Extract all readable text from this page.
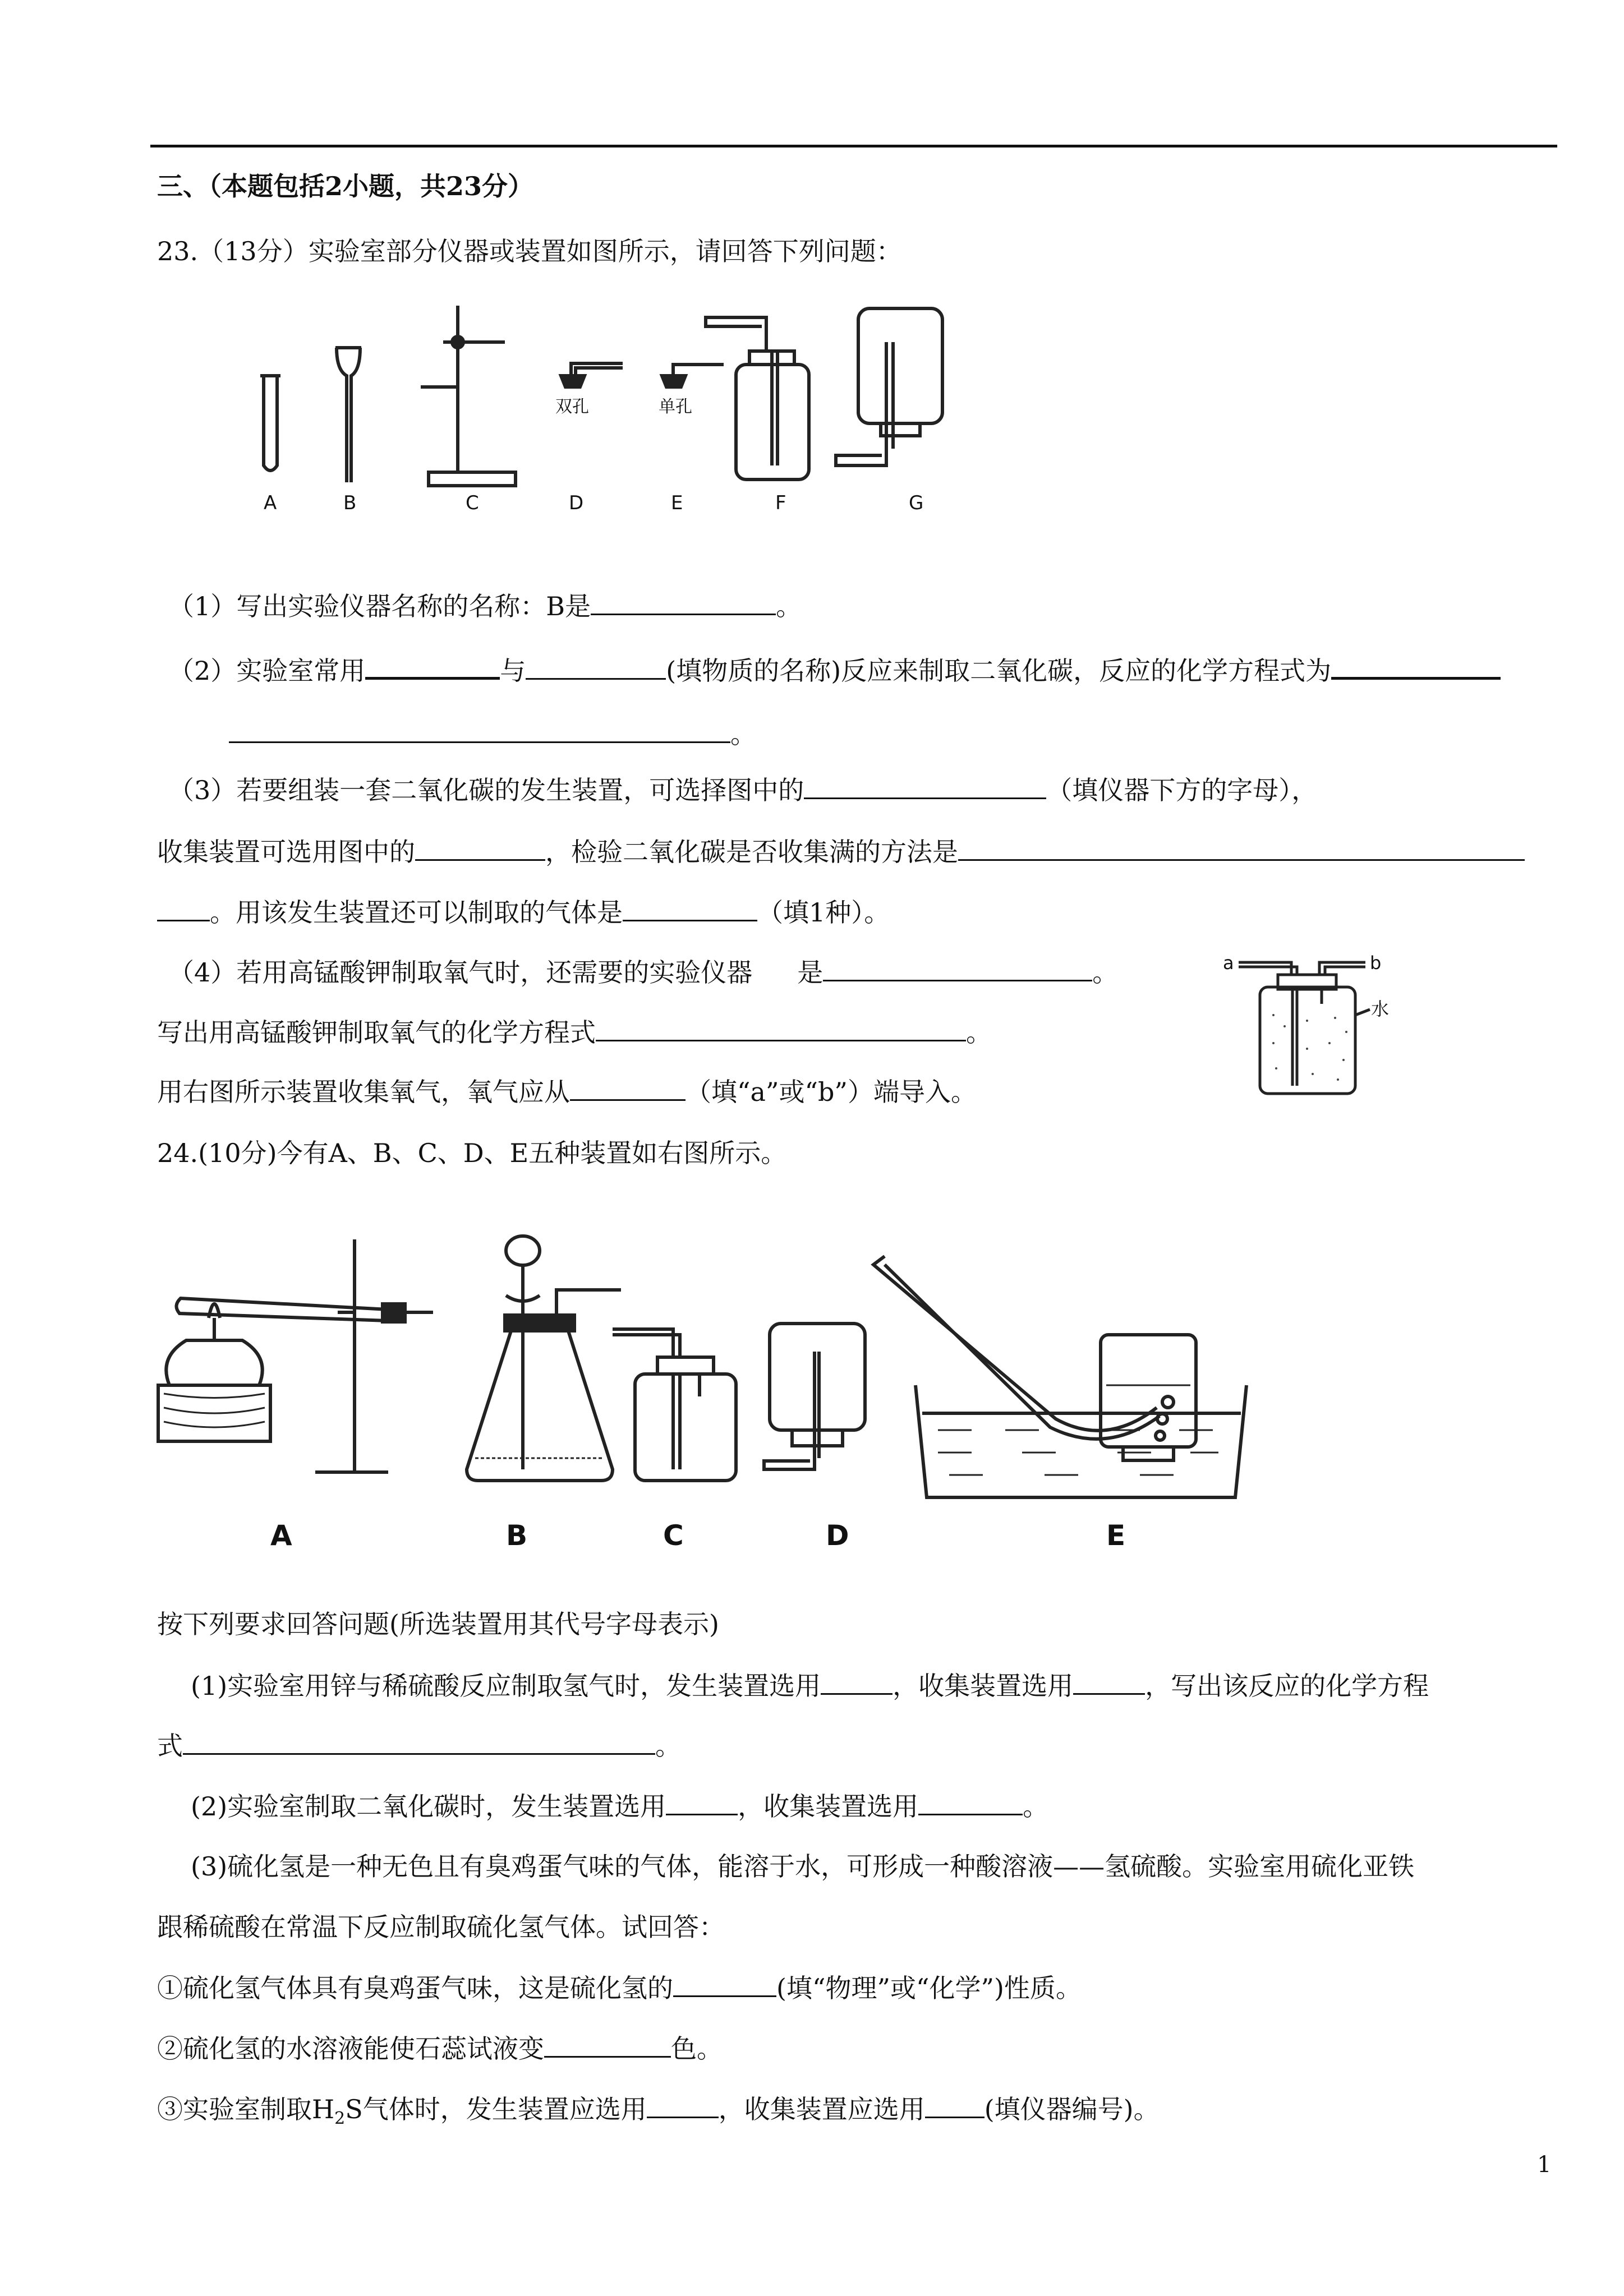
三、（本题包括2小题，共23分）
23.（13分）实验室部分仪器或装置如图所示，请回答下列问题：
双孔	单孔
A	B	C	D	E	F	G
（1）写出实验仪器名称的名称：B是	。
（2）实验室常用	与	(填物质的名称)反应来制取二氧化碳，反应的化学方程式为
。
（3）若要组装一套二氧化碳的发生装置，可选择图中的	（填仪器下方的字母），
收集装置可选用图中的	，检验二氧化碳是否收集满的方法是
。用该发生装置还可以制取的气体是	（填1种）。
（4）若用高锰酸钾制取氧气时，还需要的实验仪器 是	。
写出用高锰酸钾制取氧气的化学方程式	。
用右图所示装置收集氧气，氧气应从	（填“a”或“b”）端导入。
a	b
水
24.(10分)今有A、B、C、D、E五种装置如右图所示。
A	B	C	D	E
按下列要求回答问题(所选装置用其代号字母表示)
(1)实验室用锌与稀硫酸反应制取氢气时，发生装置选用	，收集装置选用	，写出该反应的化学方程
式	。
(2)实验室制取二氧化碳时，发生装置选用	，收集装置选用	。
(3)硫化氢是一种无色且有臭鸡蛋气味的气体，能溶于水，可形成一种酸溶液——氢硫酸。实验室用硫化亚铁
跟稀硫酸在常温下反应制取硫化氢气体。试回答：
①硫化氢气体具有臭鸡蛋气味，这是硫化氢的	(填“物理”或“化学”)性质。
②硫化氢的水溶液能使石蕊试液变	色。
③实验室制取$H_2S$气体时，发生装置应选用	，收集装置应选用 (填仪器编号)。
1
